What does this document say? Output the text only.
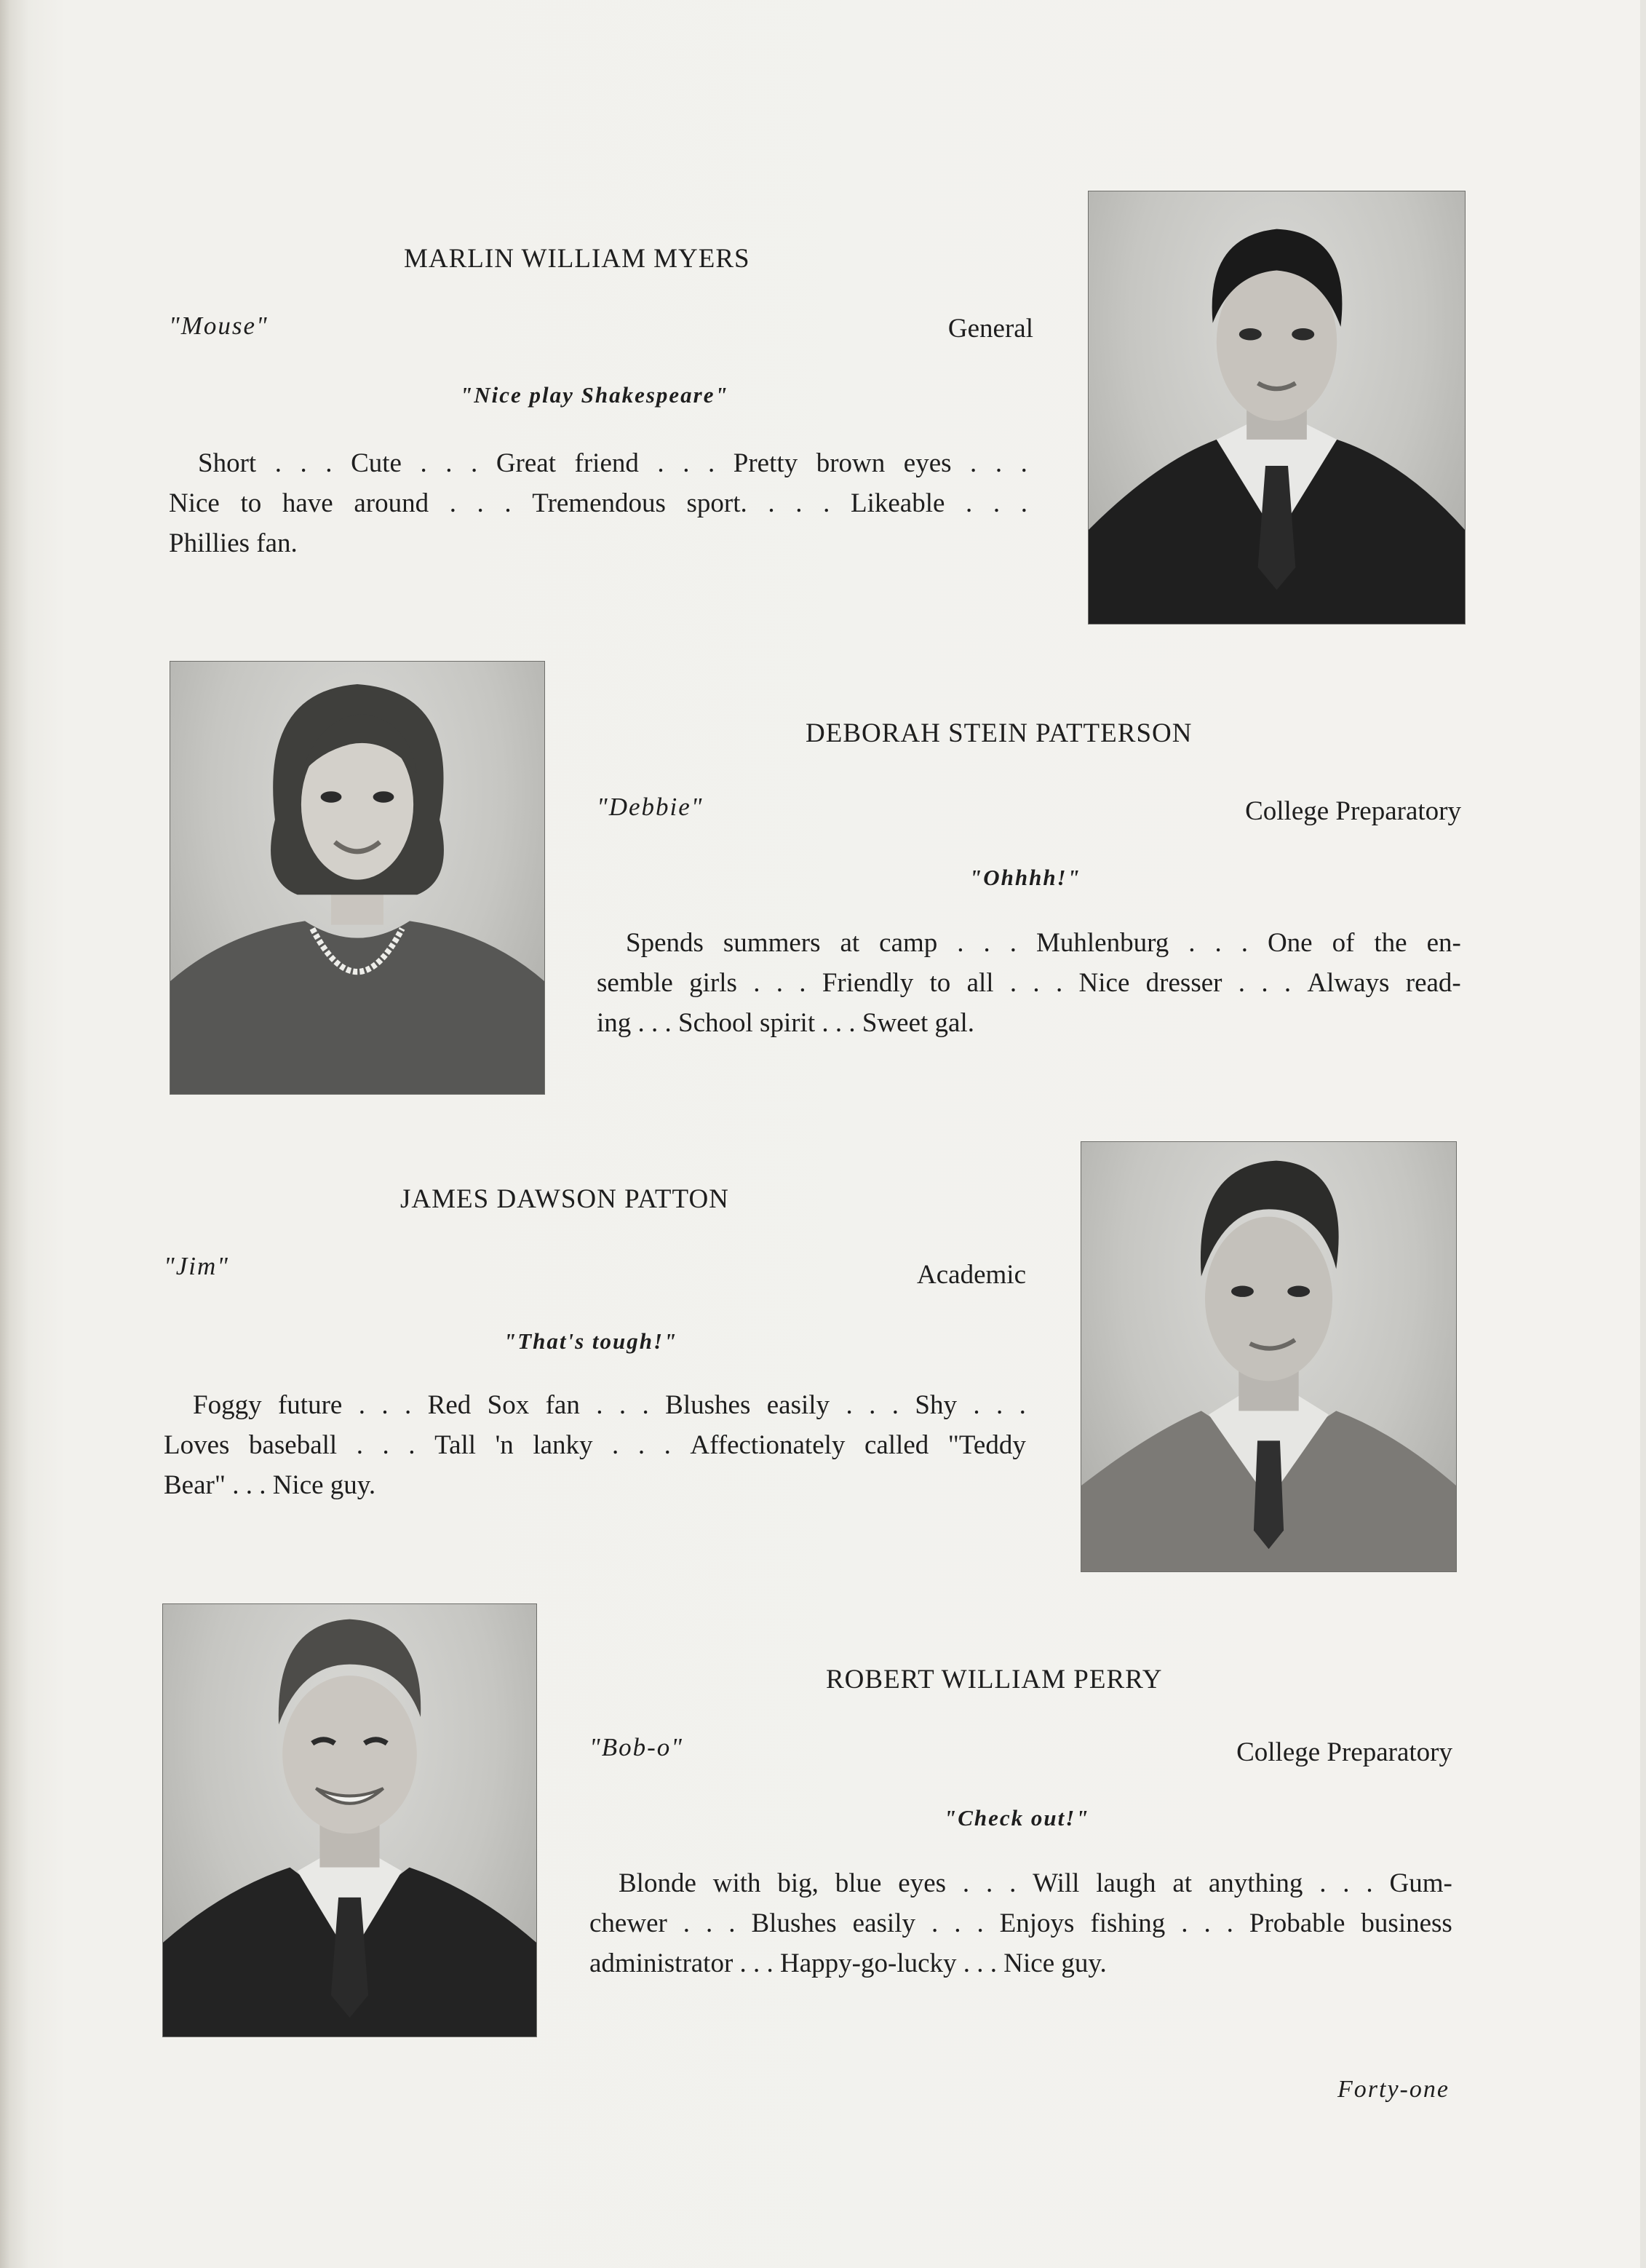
MARLIN WILLIAM MYERS
"Mouse"	General
"Nice play Shakespeare"
Short . . . Cute . . . Great friend . . . Pretty brown eyes . . .
Nice to have around . . . Tremendous sport. . . . Likeable . . .
Phillies fan.
DEBORAH STEIN PATTERSON
"Debbie"	College Preparatory
"Ohhhh!"
Spends summers at camp . . . Muhlenburg . . . One of the en-
semble girls . . . Friendly to all . . . Nice dresser . . . Always read-
ing . . . School spirit . . . Sweet gal.
JAMES DAWSON PATTON
"Jim"	Academic
"That's tough!"
Foggy future . . . Red Sox fan . . . Blushes easily . . . Shy . . .
Loves baseball . . . Tall 'n lanky . . . Affectionately called "Teddy
Bear" . . . Nice guy.
ROBERT WILLIAM PERRY
"Bob-o"	College Preparatory
"Check out!"
Blonde with big, blue eyes . . . Will laugh at anything . . . Gum-
chewer . . . Blushes easily . . . Enjoys fishing . . . Probable business
administrator . . . Happy-go-lucky . . . Nice guy.
Forty-one
